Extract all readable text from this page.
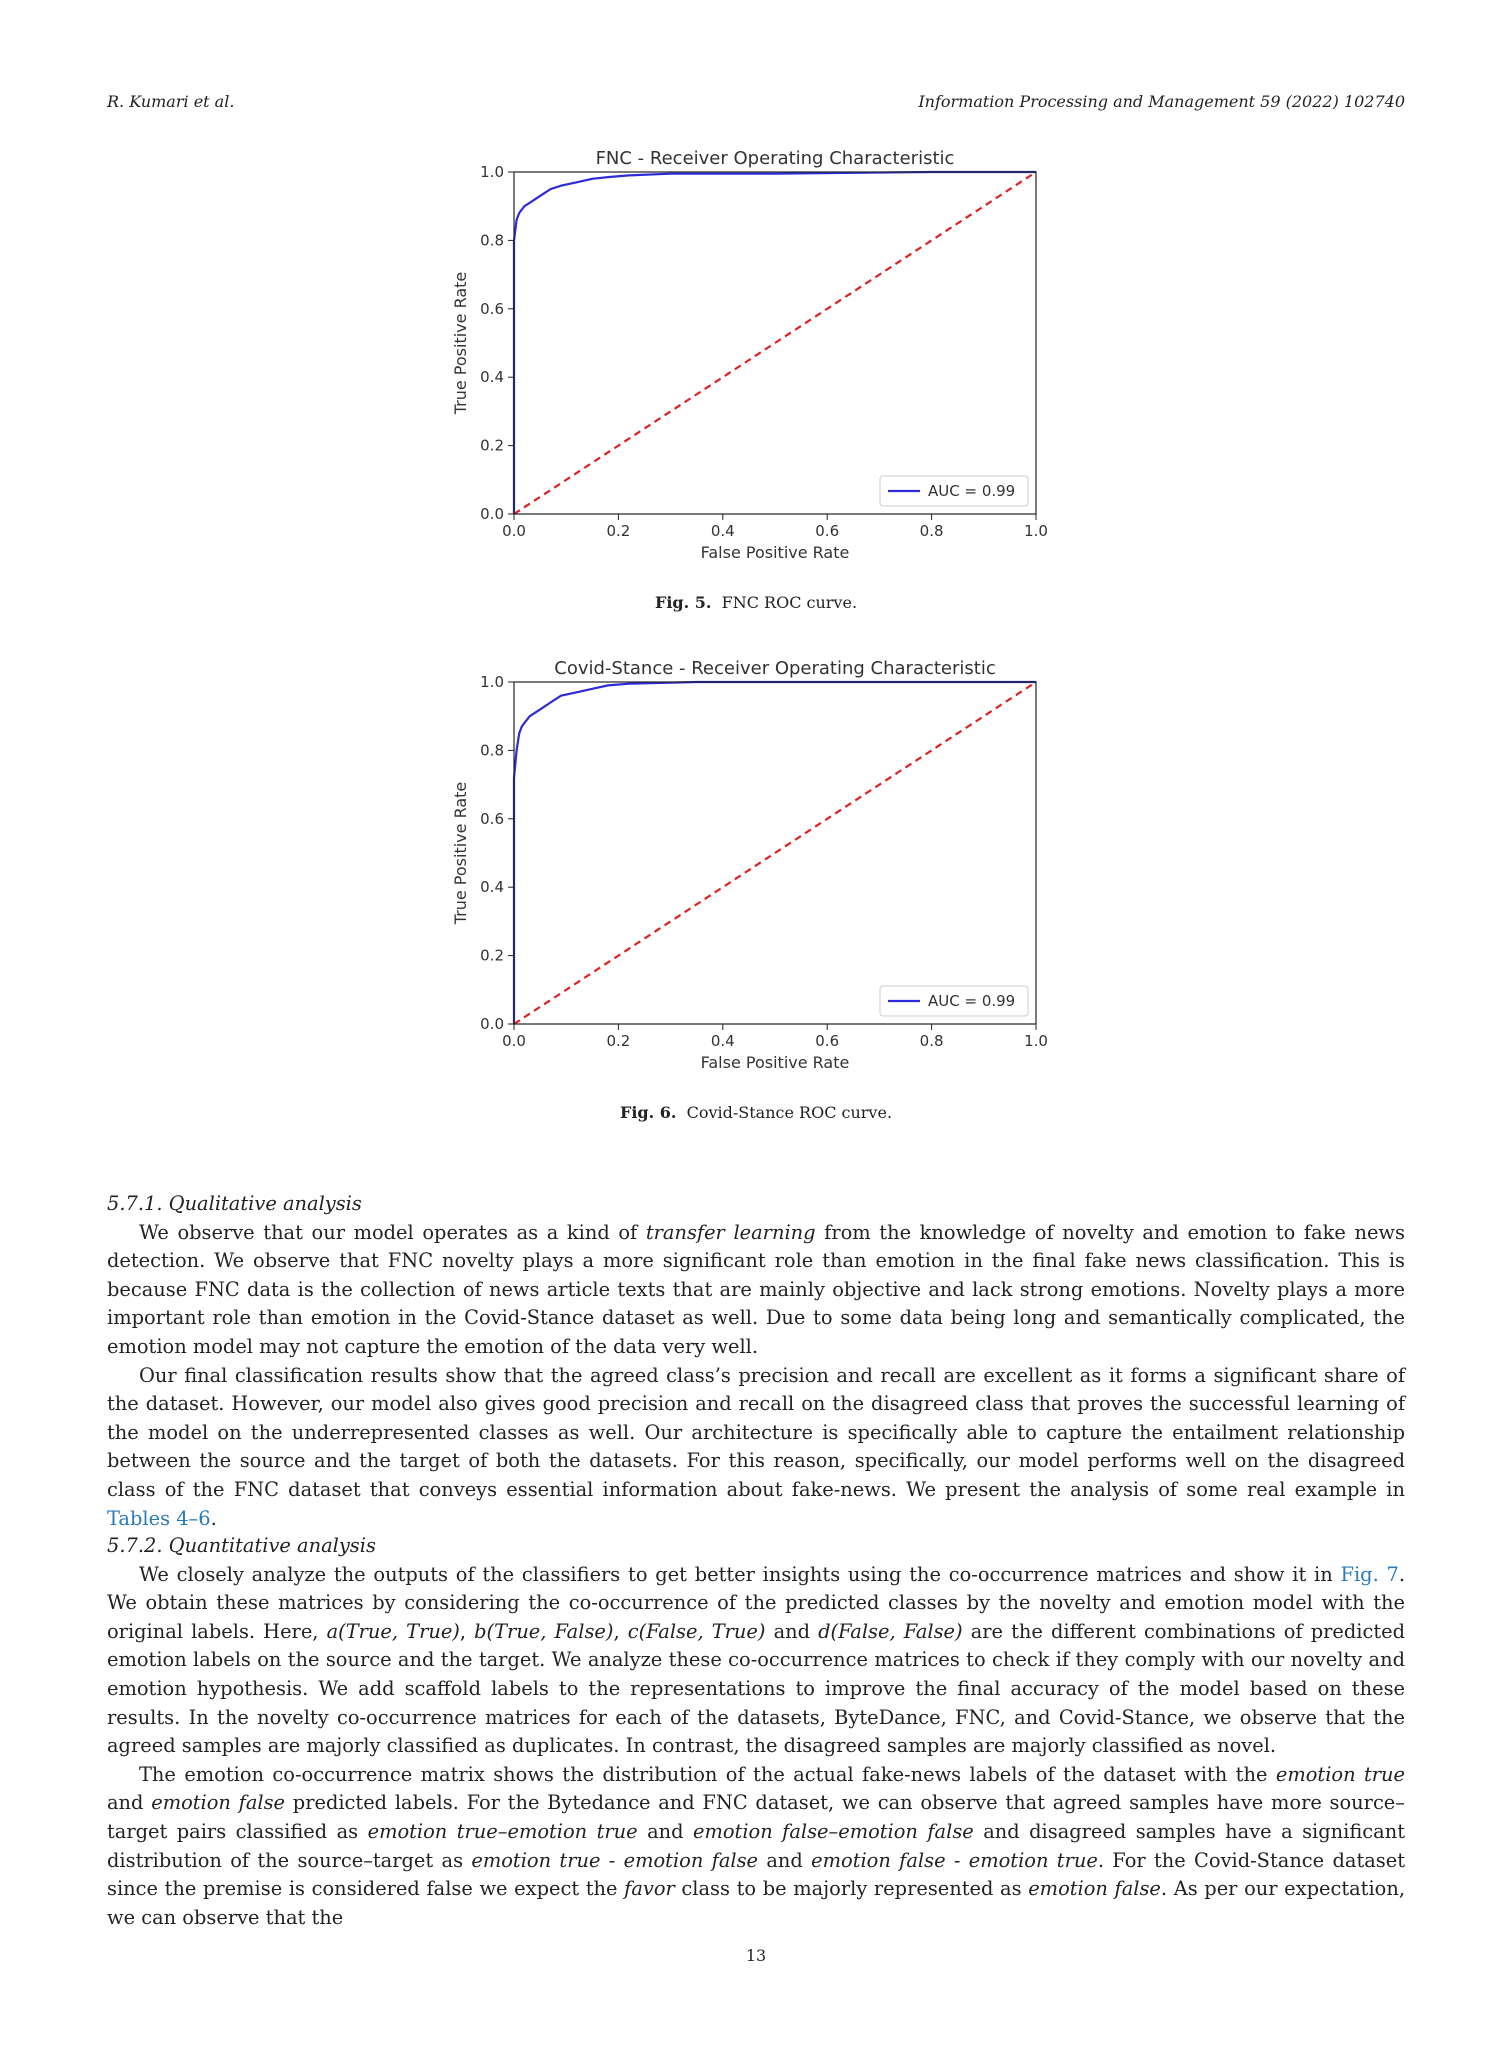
R. Kumari et al.	Information Processing and Management 59 (2022) 102740
FNC - Receiver Operating Characteristic
0.0	0.2	0.4	0.6	0.8	1.0
0.0
0.2
0.4
0.6
0.8
1.0
False Positive Rate
True Positive Rate
AUC = 0.99
Fig. 5. FNC ROC curve.
Covid-Stance - Receiver Operating Characteristic
0.0	0.2	0.4	0.6	0.8	1.0
0.0
0.2
0.4
0.6
0.8
1.0
False Positive Rate
True Positive Rate
AUC = 0.99
Fig. 6. Covid-Stance ROC curve.
5.7.1. Qualitative analysis

We observe that our model operates as a kind of transfer learning from the knowledge of novelty and emotion to fake news detection. We observe that FNC novelty plays a more significant role than emotion in the final fake news classification. This is because FNC data is the collection of news article texts that are mainly objective and lack strong emotions. Novelty plays a more important role than emotion in the Covid-Stance dataset as well. Due to some data being long and semantically complicated, the emotion model may not capture the emotion of the data very well.

Our final classification results show that the agreed class’s precision and recall are excellent as it forms a significant share of the dataset. However, our model also gives good precision and recall on the disagreed class that proves the successful learning of the model on the underrepresented classes as well. Our architecture is specifically able to capture the entailment relationship between the source and the target of both the datasets. For this reason, specifically, our model performs well on the disagreed class of the FNC dataset that conveys essential information about fake-news. We present the analysis of some real example in Tables 4–6.

5.7.2. Quantitative analysis

We closely analyze the outputs of the classifiers to get better insights using the co-occurrence matrices and show it in Fig. 7. We obtain these matrices by considering the co-occurrence of the predicted classes by the novelty and emotion model with the original labels. Here, a(True, True), b(True, False), c(False, True) and d(False, False) are the different combinations of predicted emotion labels on the source and the target. We analyze these co-occurrence matrices to check if they comply with our novelty and emotion hypothesis. We add scaffold labels to the representations to improve the final accuracy of the model based on these results. In the novelty co-occurrence matrices for each of the datasets, ByteDance, FNC, and Covid-Stance, we observe that the agreed samples are majorly classified as duplicates. In contrast, the disagreed samples are majorly classified as novel.

The emotion co-occurrence matrix shows the distribution of the actual fake-news labels of the dataset with the emotion true and emotion false predicted labels. For the Bytedance and FNC dataset, we can observe that agreed samples have more source–target pairs classified as emotion true–emotion true and emotion false–emotion false and disagreed samples have a significant distribution of the source–target as emotion true - emotion false and emotion false - emotion true. For the Covid-Stance dataset since the premise is considered false we expect the favor class to be majorly represented as emotion false. As per our expectation, we can observe that the

13
